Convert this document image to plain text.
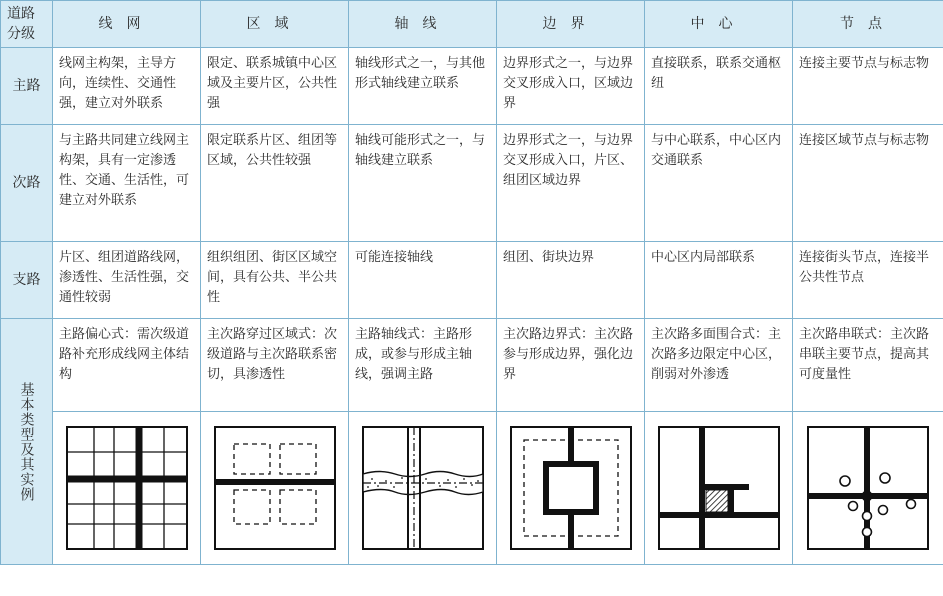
道路
分级	线网	区域	轴线	边界	中心	节点
主路	线网主构架，主导方向，连续性、交通性强，建立对外联系	限定、联系城镇中心区域及主要片区，公共性强	轴线形式之一，与其他形式轴线建立联系	边界形式之一，与边界交叉形成入口，区域边界	直接联系，联系交通枢纽	连接主要节点与标志物
次路	与主路共同建立线网主构架，具有一定渗透性、交通、生活性，可建立对外联系	限定联系片区、组团等区域，公共性较强	轴线可能形式之一，与轴线建立联系	边界形式之一，与边界交叉形成入口，片区、组团区域边界	与中心联系，中心区内交通联系	连接区域节点与标志物
支路	片区、组团道路线网，渗透性、生活性强，交通性较弱	组织组团、街区区域空间，具有公共、半公共性	可能连接轴线	组团、街块边界	中心区内局部联系	连接街头节点，连接半公共性节点
基本类型及其实例	主路偏心式：需次级道路补充形成线网主体结构	主次路穿过区域式：次级道路与主次路联系密切，具渗透性	主路轴线式：主路形成，或参与形成主轴线，强调主路	主次路边界式：主次路参与形成边界，强化边界	主次路多面围合式：主次路多边限定中心区，削弱对外渗透	主次路串联式：主次路串联主要节点，提高其可度量性
